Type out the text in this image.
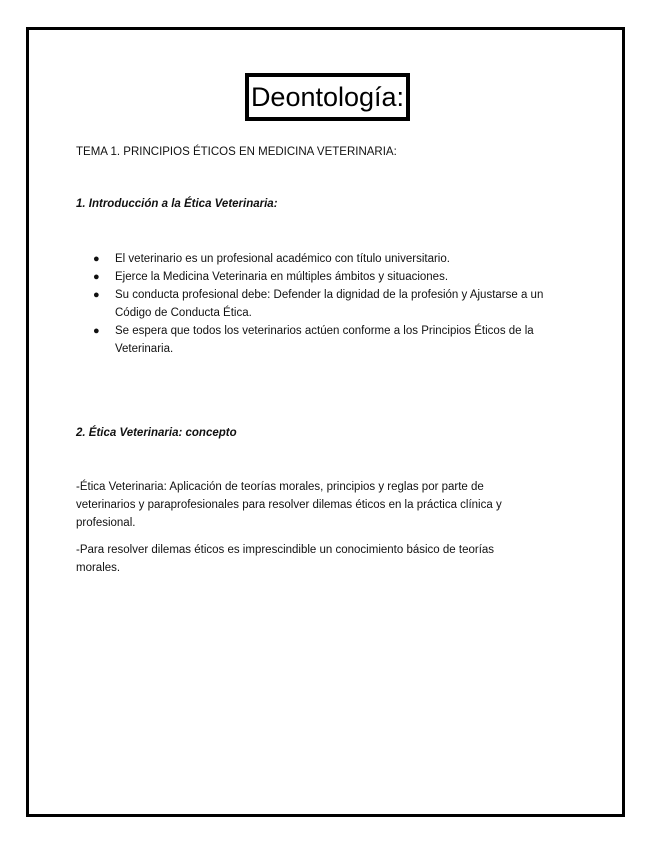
Deontología:
TEMA 1. PRINCIPIOS ÉTICOS EN MEDICINA VETERINARIA:
1. Introducción a la Ética Veterinaria:
● El veterinario es un profesional académico con título universitario.
● Ejerce la Medicina Veterinaria en múltiples ámbitos y situaciones.
● Su conducta profesional debe: Defender la dignidad de la profesión y Ajustarse a un
Código de Conducta Ética.
● Se espera que todos los veterinarios actúen conforme a los Principios Éticos de la
Veterinaria.
2. Ética Veterinaria: concepto
-Ética Veterinaria: Aplicación de teorías morales, principios y reglas por parte de
veterinarios y paraprofesionales para resolver dilemas éticos en la práctica clínica y
profesional.
-Para resolver dilemas éticos es imprescindible un conocimiento básico de teorías
morales.
